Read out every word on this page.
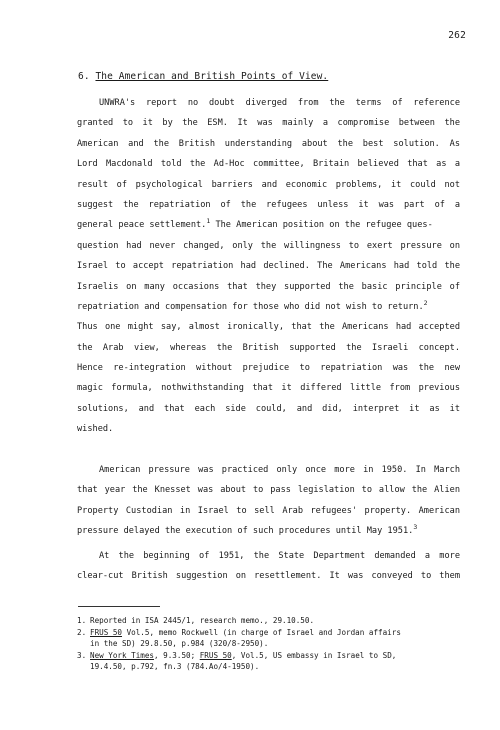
262
6. The American and British Points of View.
UNWRA's report no doubt diverged from the terms of reference
granted to it by the ESM. It was mainly a compromise between the
American and the British understanding about the best solution. As
Lord Macdonald told the Ad-Hoc committee, Britain believed that as a
result of psychological barriers and economic problems, it could not
suggest the repatriation of the refugees unless it was part of a
general peace settlement.$^1$ The American position on the refugee ques-
question had never changed, only the willingness to exert pressure on
Israel to accept repatriation had declined. The Americans had told the
Israelis on many occasions that they supported the basic principle of
repatriation and compensation for those who did not wish to return.$^2$
Thus one might say, almost ironically, that the Americans had accepted
the Arab view, whereas the British supported the Israeli concept.
Hence re-integration without prejudice to repatriation was the new
magic formula, nothwithstanding that it differed little from previous
solutions, and that each side could, and did, interpret it as it
wished.
American pressure was practiced only once more in 1950. In March
that year the Knesset was about to pass legislation to allow the Alien
Property Custodian in Israel to sell Arab refugees' property. American
pressure delayed the execution of such procedures until May 1951.$^3$
At the beginning of 1951, the State Department demanded a more
clear-cut British suggestion on resettlement. It was conveyed to them
1. Reported in ISA 2445/1, research memo., 29.10.50.
2. FRUS 50 Vol.5, memo Rockwell (in charge of Israel and Jordan affairs
in the SD) 29.8.50, p.984 (320/8-2950).
3. New York Times, 9.3.50; FRUS 50, Vol.5, US embassy in Israel to SD,
19.4.50, p.792, fn.3 (784.Ao/4-1950).
